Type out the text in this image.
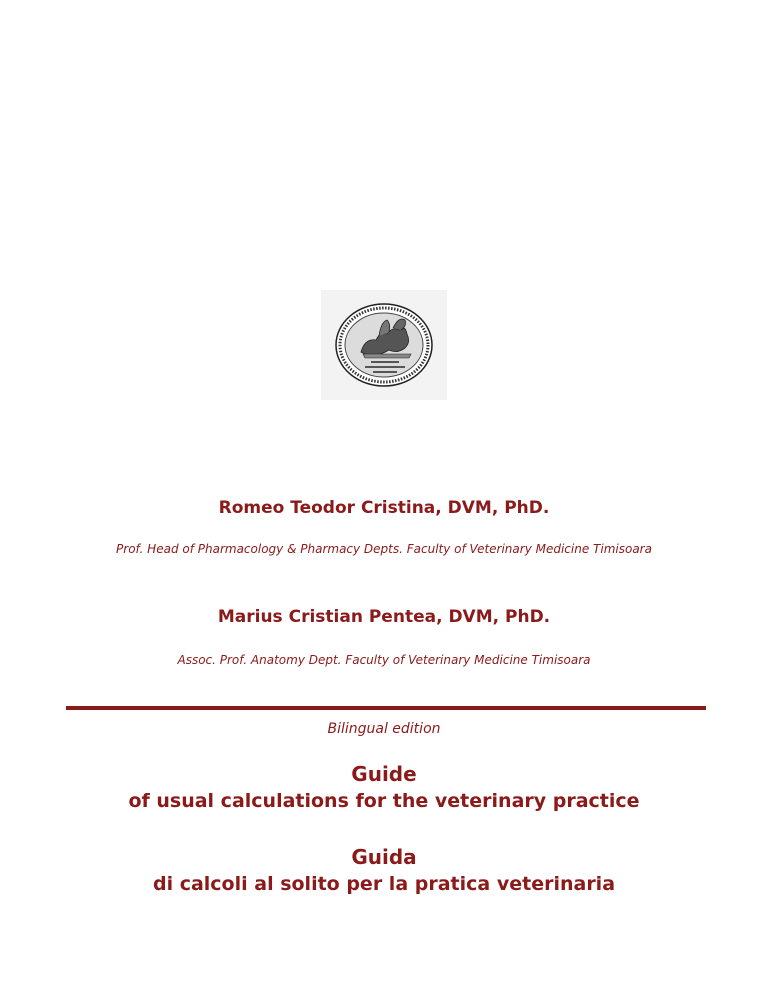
Romeo Teodor Cristina, DVM, PhD.
Prof. Head of Pharmacology & Pharmacy Depts. Faculty of Veterinary Medicine Timisoara
Marius Cristian Pentea, DVM, PhD.
Assoc. Prof. Anatomy Dept. Faculty of Veterinary Medicine Timisoara
Bilingual edition
Guide
of usual calculations for the veterinary practice
Guida
di calcoli al solito per la pratica veterinaria
